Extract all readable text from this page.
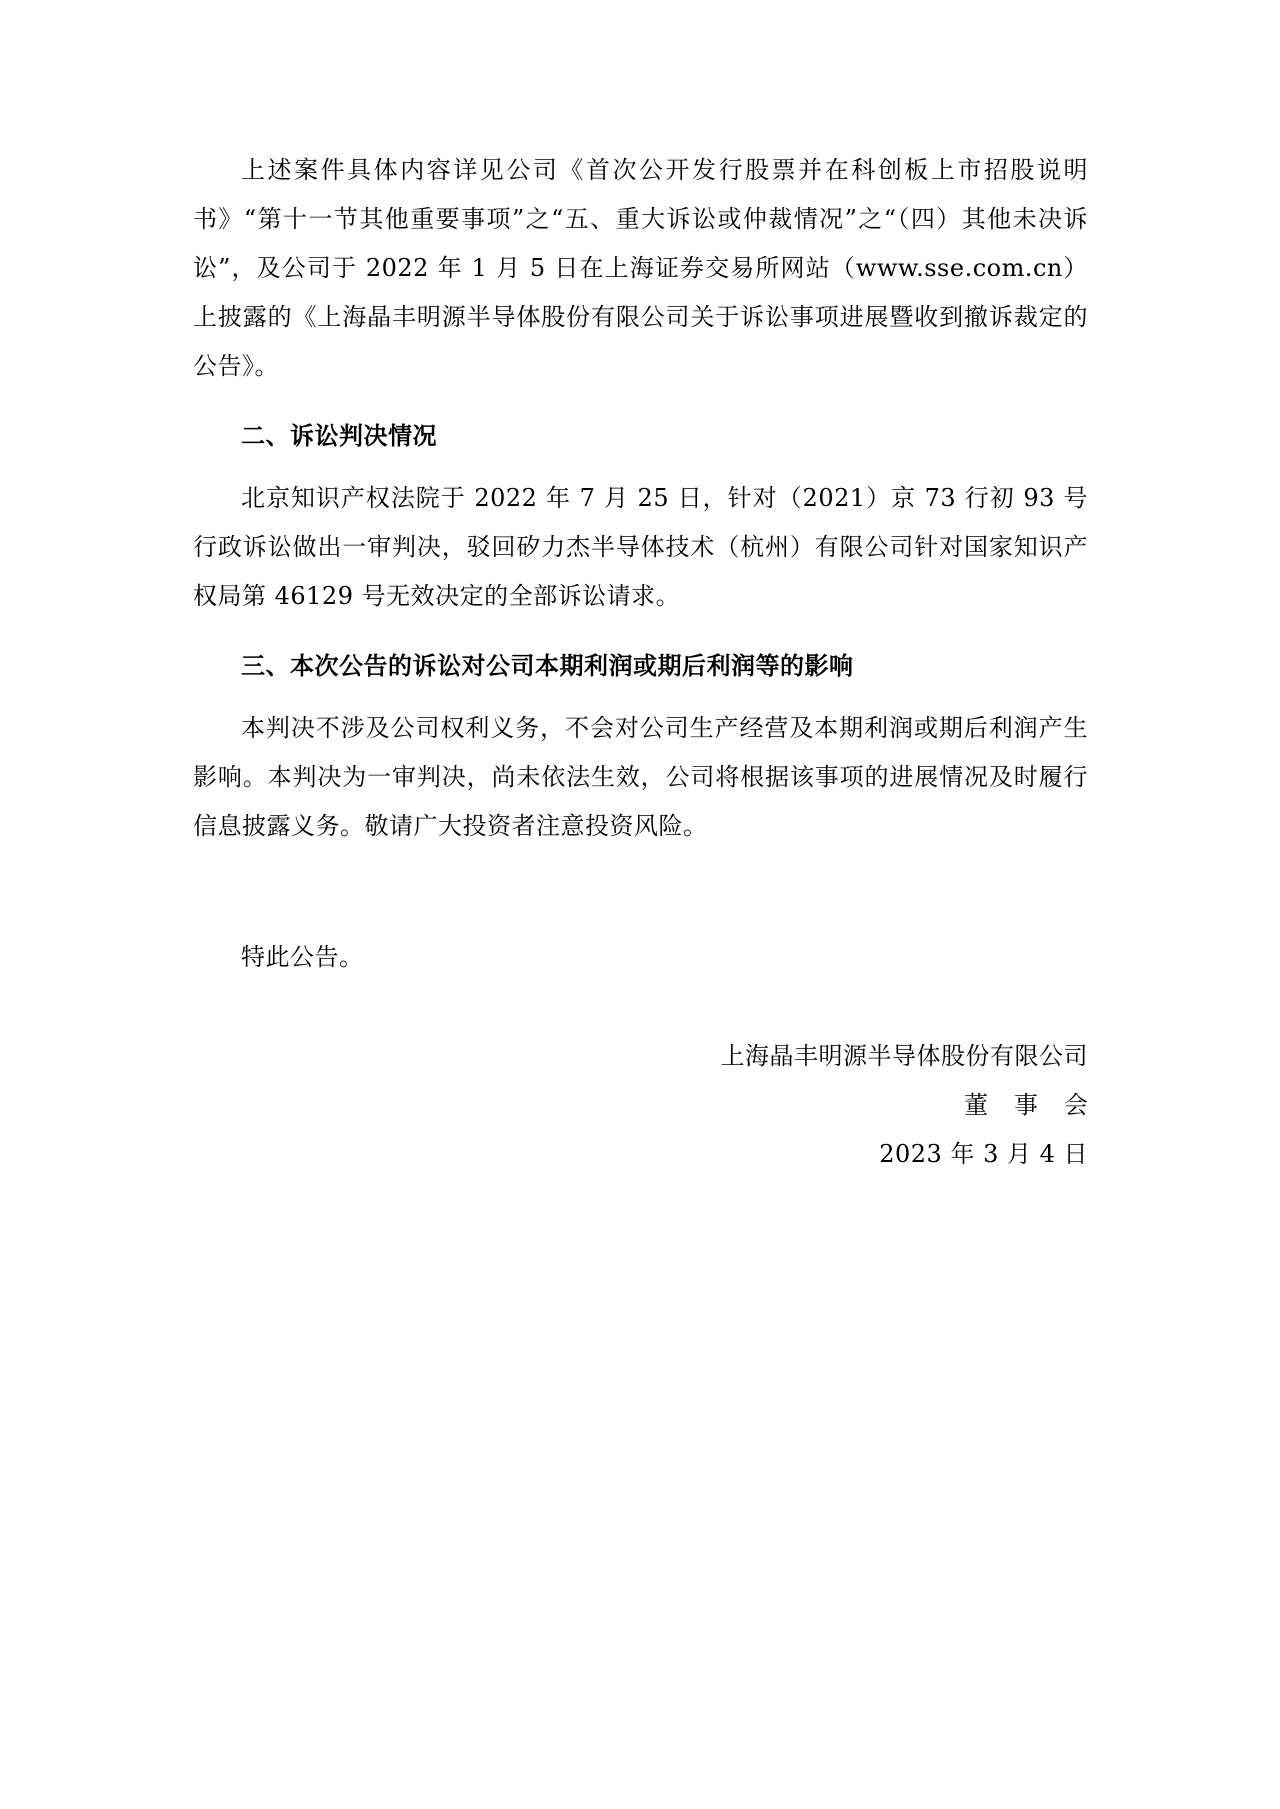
上述案件具体内容详见公司《首次公开发行股票并在科创板上市招股说明书》“第十一节其他重要事项”之“五、重大诉讼或仲裁情况”之“（四）其他未决诉讼”，及公司于 2022 年 1 月 5 日在上海证券交易所网站（www.sse.com.cn）上披露的《上海晶丰明源半导体股份有限公司关于诉讼事项进展暨收到撤诉裁定的公告》。

二、诉讼判决情况

北京知识产权法院于 2022 年 7 月 25 日，针对（2021）京 73 行初 93 号行政诉讼做出一审判决，驳回矽力杰半导体技术（杭州）有限公司针对国家知识产权局第 46129 号无效决定的全部诉讼请求。

三、本次公告的诉讼对公司本期利润或期后利润等的影响

本判决不涉及公司权利义务，不会对公司生产经营及本期利润或期后利润产生影响。本判决为一审判决，尚未依法生效，公司将根据该事项的进展情况及时履行信息披露义务。敬请广大投资者注意投资风险。

特此公告。

上海晶丰明源半导体股份有限公司

董事会

2023 年 3 月 4 日
